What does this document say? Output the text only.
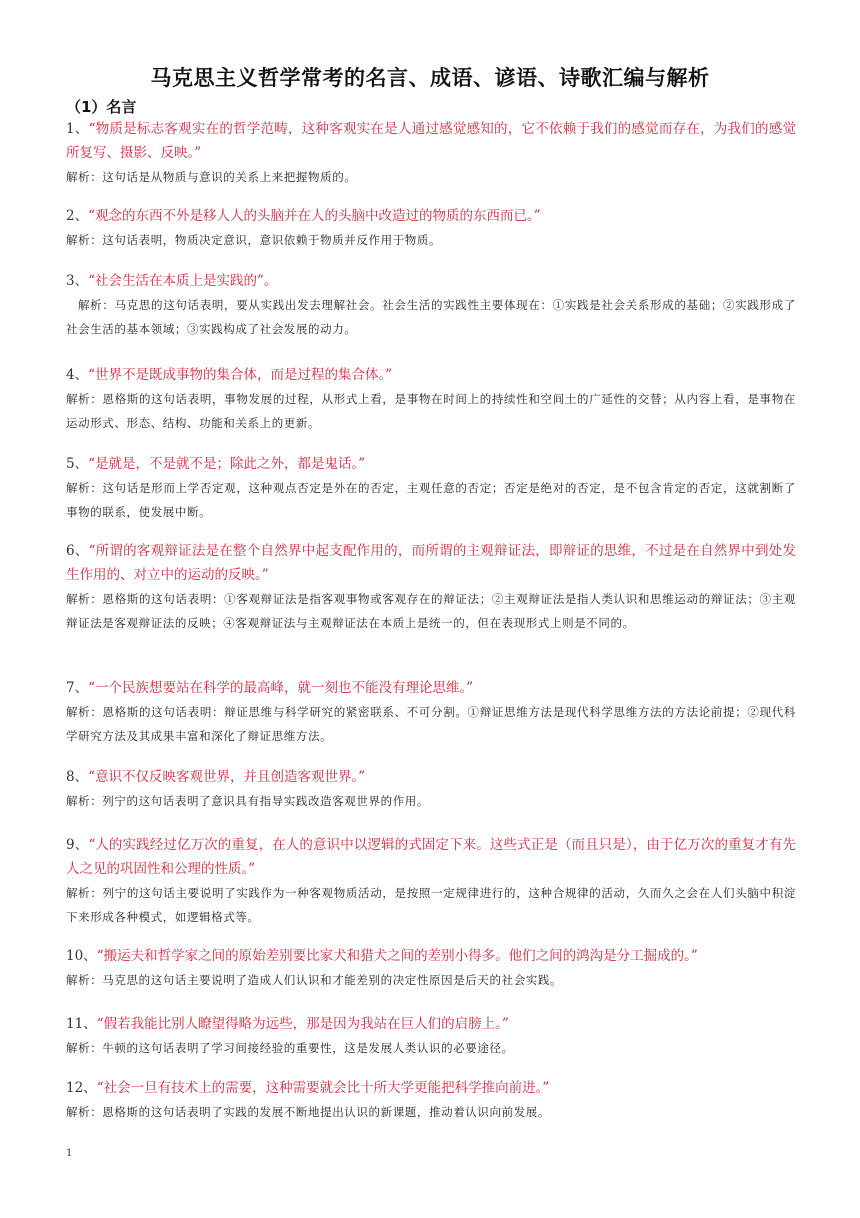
马克思主义哲学常考的名言、成语、谚语、诗歌汇编与解析
（1）名言
1、“物质是标志客观实在的哲学范畴，这种客观实在是人通过感觉感知的，它不依赖于我们的感觉而存在，为我们的感觉所复写、摄影、反映。”
解析：这句话是从物质与意识的关系上来把握物质的。
2、“观念的东西不外是移人人的头脑并在人的头脑中改造过的物质的东西而已。”
解析：这句话表明，物质决定意识，意识依赖于物质并反作用于物质。
3、“社会生活在本质上是实践的”。
解析：马克思的这句话表明，要从实践出发去理解社会。社会生活的实践性主要体现在：①实践是社会关系形成的基础；②实践形成了社会生活的基本领域；③实践构成了社会发展的动力。
4、“世界不是既成事物的集合体，而是过程的集合体。”
解析：恩格斯的这句话表明，事物发展的过程，从形式上看，是事物在时间上的持续性和空间土的广延性的交替；从内容上看，是事物在运动形式、形态、结构、功能和关系上的更新。
5、“是就是，不是就不是；除此之外，都是鬼话。”
解析：这句话是形而上学否定观，这种观点否定是外在的否定，主观任意的否定；否定是绝对的否定，是不包含肯定的否定，这就割断了事物的联系，使发展中断。
6、“所谓的客观辩证法是在整个自然界中起支配作用的，而所谓的主观辩证法，即辩证的思维，不过是在自然界中到处发生作用的、对立中的运动的反映。”
解析：恩格斯的这句话表明：①客观辩证法是指客观事物或客观存在的辩证法；②主观辩证法是指人类认识和思维运动的辩证法；③主观辩证法是客观辩证法的反映；④客观辩证法与主观辩证法在本质上是统一的，但在表现形式上则是不同的。
7、“一个民族想要站在科学的最高峰，就一刻也不能没有理论思维。”
解析：恩格斯的这句话表明：辩证思维与科学研究的紧密联系、不可分割。①辩证思维方法是现代科学思维方法的方法论前提；②现代科学研究方法及其成果丰富和深化了辩证思维方法。
8、“意识不仅反映客观世界，并且创造客观世界。”
解析：列宁的这句话表明了意识具有指导实践改造客观世界的作用。
9、“人的实践经过亿万次的重复，在人的意识中以逻辑的式固定下来。这些式正是（而且只是），由于亿万次的重复才有先人之见的巩固性和公理的性质。”
解析：列宁的这句话主要说明了实践作为一种客观物质活动，是按照一定规律进行的，这种合规律的活动，久而久之会在人们头脑中积淀下来形成各种模式，如逻辑格式等。
10、“搬运夫和哲学家之间的原始差别要比家犬和猎犬之间的差别小得多。他们之间的鸿沟是分工掘成的。”
解析：马克思的这句话主要说明了造成人们认识和才能差别的决定性原因是后天的社会实践。
11、“假若我能比别人瞭望得略为远些，那是因为我站在巨人们的启膀上。”
解析：牛顿的这句话表明了学习间接经验的重要性，这是发展人类认识的必要途径。
12、“社会一旦有技术上的需要，这种需要就会比十所大学更能把科学推向前进。”
解析：恩格斯的这句话表明了实践的发展不断地提出认识的新课题，推动着认识向前发展。
1
